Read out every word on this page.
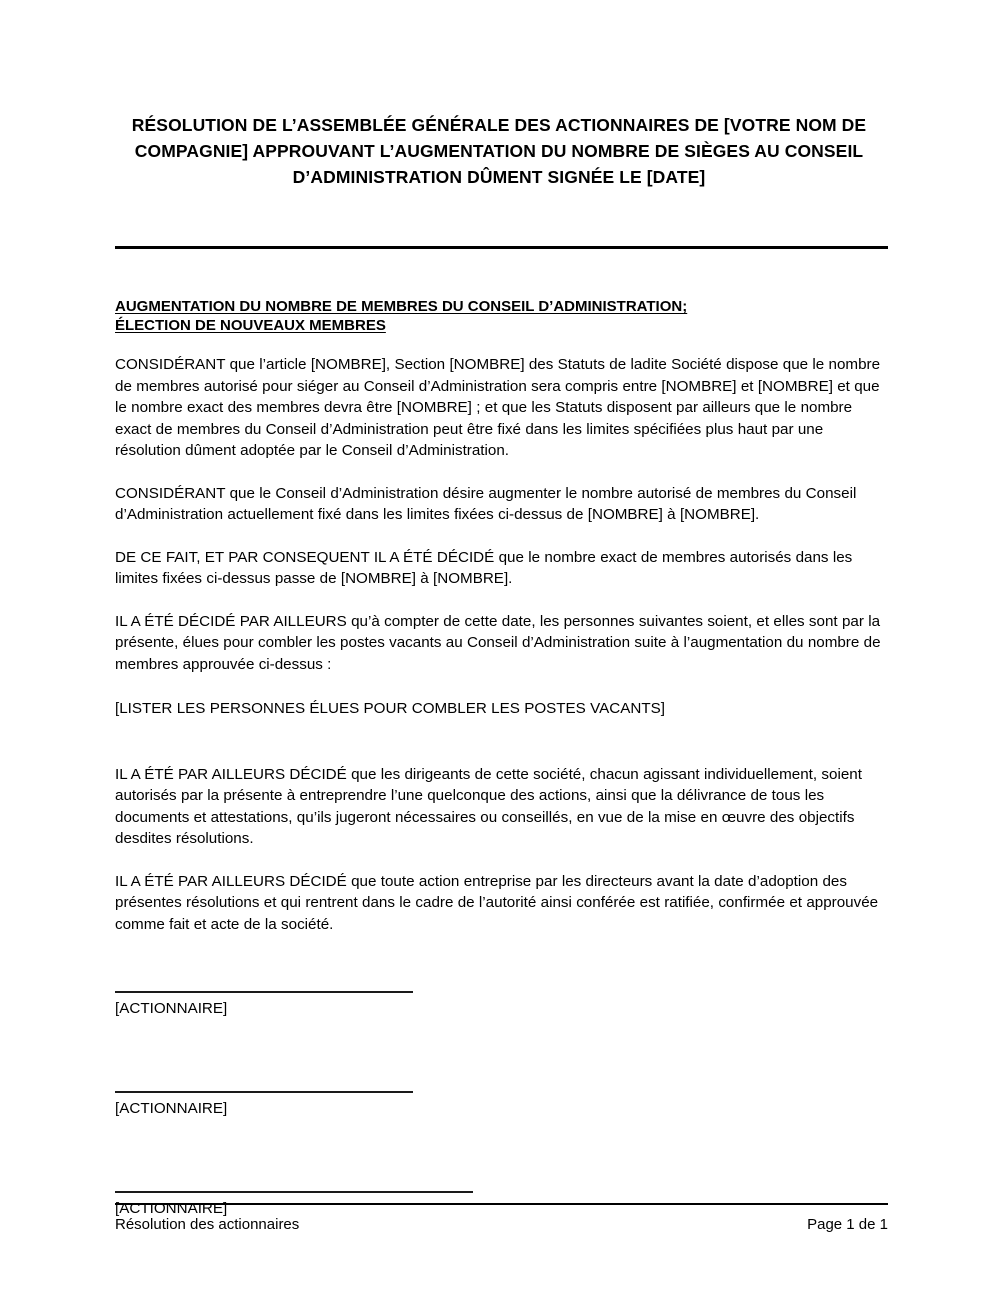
RÉSOLUTION DE L’ASSEMBLÉE GÉNÉRALE DES ACTIONNAIRES DE [VOTRE NOM DE COMPAGNIE] APPROUVANT L’AUGMENTATION DU NOMBRE DE SIÈGES AU CONSEIL D’ADMINISTRATION DÛMENT SIGNÉE LE [DATE]
AUGMENTATION DU NOMBRE DE MEMBRES DU CONSEIL D’ADMINISTRATION;
ÉLECTION DE NOUVEAUX MEMBRES

CONSIDÉRANT que l’article [NOMBRE], Section [NOMBRE] des Statuts de ladite Société dispose que le nombre de membres autorisé pour siéger au Conseil d’Administration sera compris entre [NOMBRE] et [NOMBRE] et que le nombre exact des membres devra être [NOMBRE] ; et que les Statuts disposent par ailleurs que le nombre exact de membres du Conseil d’Administration peut être fixé dans les limites spécifiées plus haut par une résolution dûment adoptée par le Conseil d’Administration.

CONSIDÉRANT que le Conseil d’Administration désire augmenter le nombre autorisé de membres du Conseil d’Administration actuellement fixé dans les limites fixées ci-dessus de [NOMBRE] à [NOMBRE].

DE CE FAIT, ET PAR CONSEQUENT IL A ÉTÉ DÉCIDÉ que le nombre exact de membres autorisés dans les limites fixées ci-dessus passe de [NOMBRE] à [NOMBRE].

IL A ÉTÉ DÉCIDÉ PAR AILLEURS qu’à compter de cette date, les personnes suivantes soient, et elles sont par la présente, élues pour combler les postes vacants au Conseil d’Administration suite à l’augmentation du nombre de membres approuvée ci-dessus :

[LISTER LES PERSONNES ÉLUES POUR COMBLER LES POSTES VACANTS]

IL A ÉTÉ PAR AILLEURS DÉCIDÉ que les dirigeants de cette société, chacun agissant individuellement, soient autorisés par la présente à entreprendre l’une quelconque des actions, ainsi que la délivrance de tous les documents et attestations, qu’ils jugeront nécessaires ou conseillés, en vue de la mise en œuvre des objectifs desdites résolutions.

IL A ÉTÉ PAR AILLEURS DÉCIDÉ que toute action entreprise par les directeurs avant la date d’adoption des présentes résolutions et qui rentrent dans le cadre de l’autorité ainsi conférée est ratifiée, confirmée et approuvée comme fait et acte de la société.

[ACTIONNAIRE]
[ACTIONNAIRE]
[ACTIONNAIRE]
Résolution des actionnaires	Page 1 de 1
